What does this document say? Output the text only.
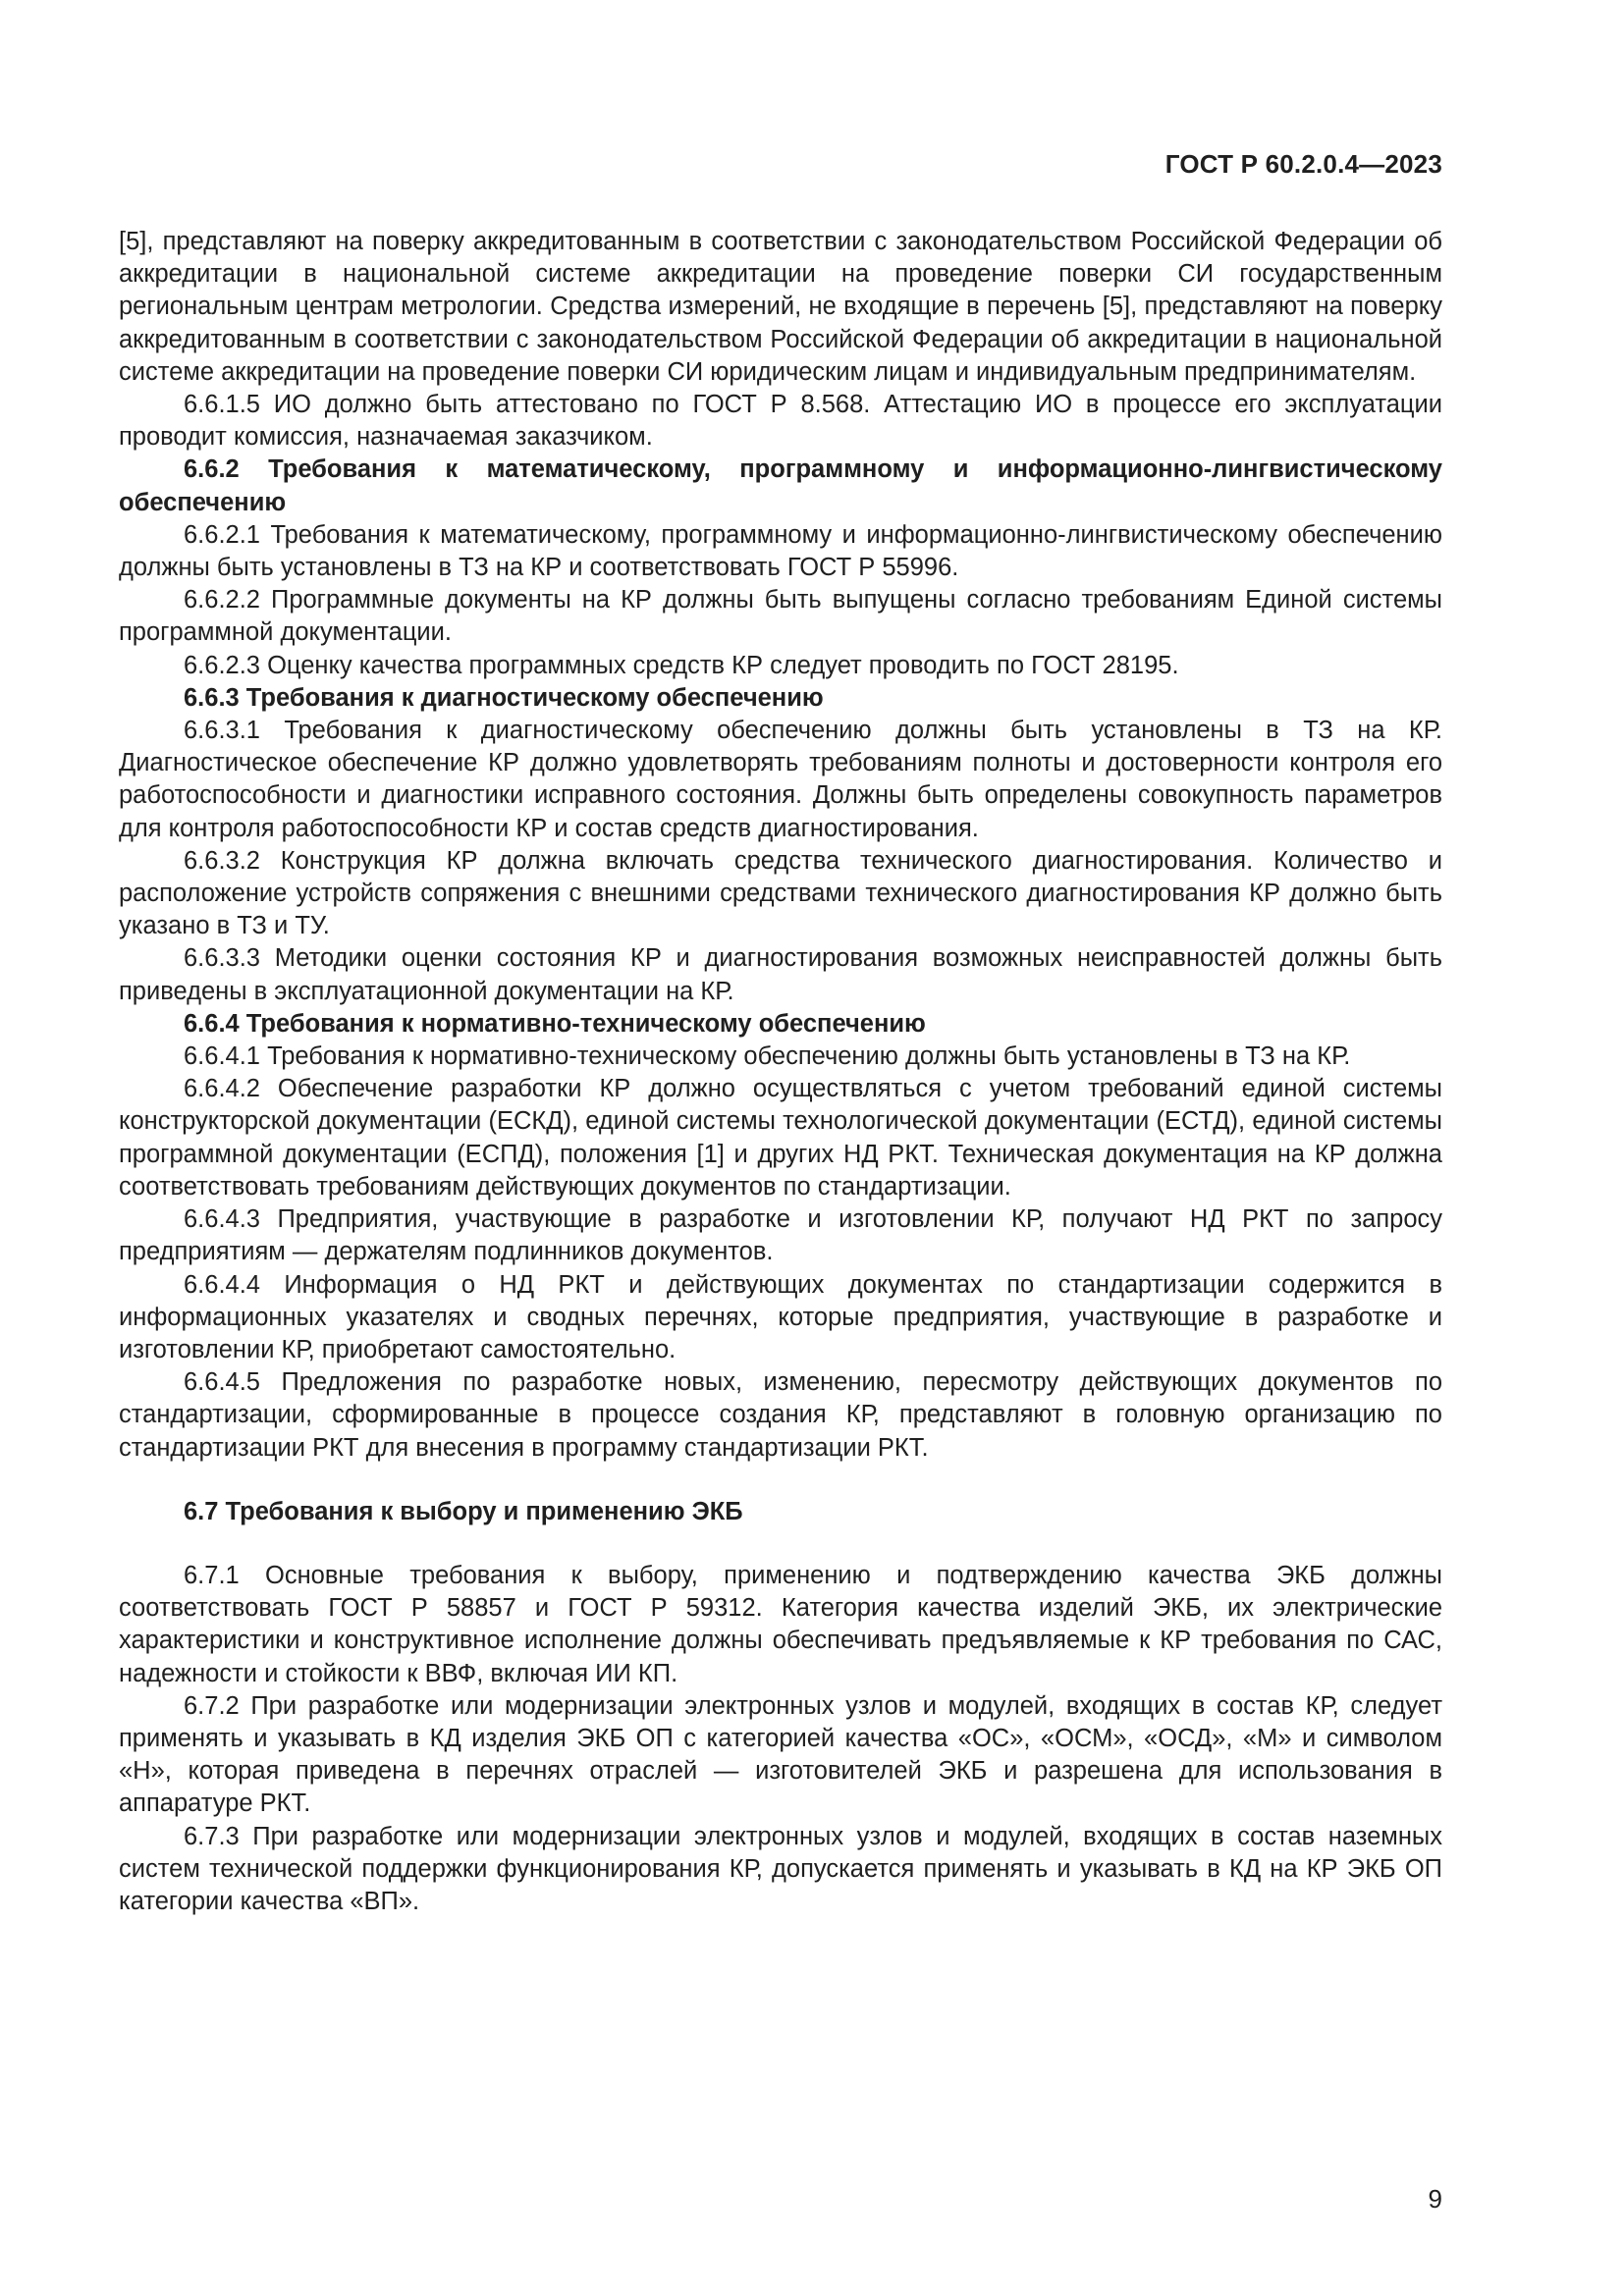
ГОСТ Р 60.2.0.4—2023

[5], представляют на поверку аккредитованным в соответствии с законодательством Российской Федерации об аккредитации в национальной системе аккредитации на проведение поверки СИ государственным региональным центрам метрологии. Средства измерений, не входящие в перечень [5], представляют на поверку аккредитованным в соответствии с законодательством Российской Федерации об аккредитации в национальной системе аккредитации на проведение поверки СИ юридическим лицам и индивидуальным предпринимателям.

6.6.1.5 ИО должно быть аттестовано по ГОСТ Р 8.568. Аттестацию ИО в процессе его эксплуатации проводит комиссия, назначаемая заказчиком.

6.6.2 Требования к математическому, программному и информационно-лингвистическому обеспечению

6.6.2.1 Требования к математическому, программному и информационно-лингвистическому обеспечению должны быть установлены в ТЗ на КР и соответствовать ГОСТ Р 55996.

6.6.2.2 Программные документы на КР должны быть выпущены согласно требованиям Единой системы программной документации.

6.6.2.3 Оценку качества программных средств КР следует проводить по ГОСТ 28195.

6.6.3 Требования к диагностическому обеспечению

6.6.3.1 Требования к диагностическому обеспечению должны быть установлены в ТЗ на КР. Диагностическое обеспечение КР должно удовлетворять требованиям полноты и достоверности контроля его работоспособности и диагностики исправного состояния. Должны быть определены совокупность параметров для контроля работоспособности КР и состав средств диагностирования.

6.6.3.2 Конструкция КР должна включать средства технического диагностирования. Количество и расположение устройств сопряжения с внешними средствами технического диагностирования КР должно быть указано в ТЗ и ТУ.

6.6.3.3 Методики оценки состояния КР и диагностирования возможных неисправностей должны быть приведены в эксплуатационной документации на КР.

6.6.4 Требования к нормативно-техническому обеспечению

6.6.4.1 Требования к нормативно-техническому обеспечению должны быть установлены в ТЗ на КР.

6.6.4.2 Обеспечение разработки КР должно осуществляться с учетом требований единой системы конструкторской документации (ЕСКД), единой системы технологической документации (ЕСТД), единой системы программной документации (ЕСПД), положения [1] и других НД РКТ. Техническая документация на КР должна соответствовать требованиям действующих документов по стандартизации.

6.6.4.3 Предприятия, участвующие в разработке и изготовлении КР, получают НД РКТ по запросу предприятиям — держателям подлинников документов.

6.6.4.4 Информация о НД РКТ и действующих документах по стандартизации содержится в информационных указателях и сводных перечнях, которые предприятия, участвующие в разработке и изготовлении КР, приобретают самостоятельно.

6.6.4.5 Предложения по разработке новых, изменению, пересмотру действующих документов по стандартизации, сформированные в процессе создания КР, представляют в головную организацию по стандартизации РКТ для внесения в программу стандартизации РКТ.

6.7 Требования к выбору и применению ЭКБ

6.7.1 Основные требования к выбору, применению и подтверждению качества ЭКБ должны соответствовать ГОСТ Р 58857 и ГОСТ Р 59312. Категория качества изделий ЭКБ, их электрические характеристики и конструктивное исполнение должны обеспечивать предъявляемые к КР требования по САС, надежности и стойкости к ВВФ, включая ИИ КП.

6.7.2 При разработке или модернизации электронных узлов и модулей, входящих в состав КР, следует применять и указывать в КД изделия ЭКБ ОП с категорией качества «ОС», «ОСМ», «ОСД», «М» и символом «Н», которая приведена в перечнях отраслей — изготовителей ЭКБ и разрешена для использования в аппаратуре РКТ.

6.7.3 При разработке или модернизации электронных узлов и модулей, входящих в состав наземных систем технической поддержки функционирования КР, допускается применять и указывать в КД на КР ЭКБ ОП категории качества «ВП».

9
